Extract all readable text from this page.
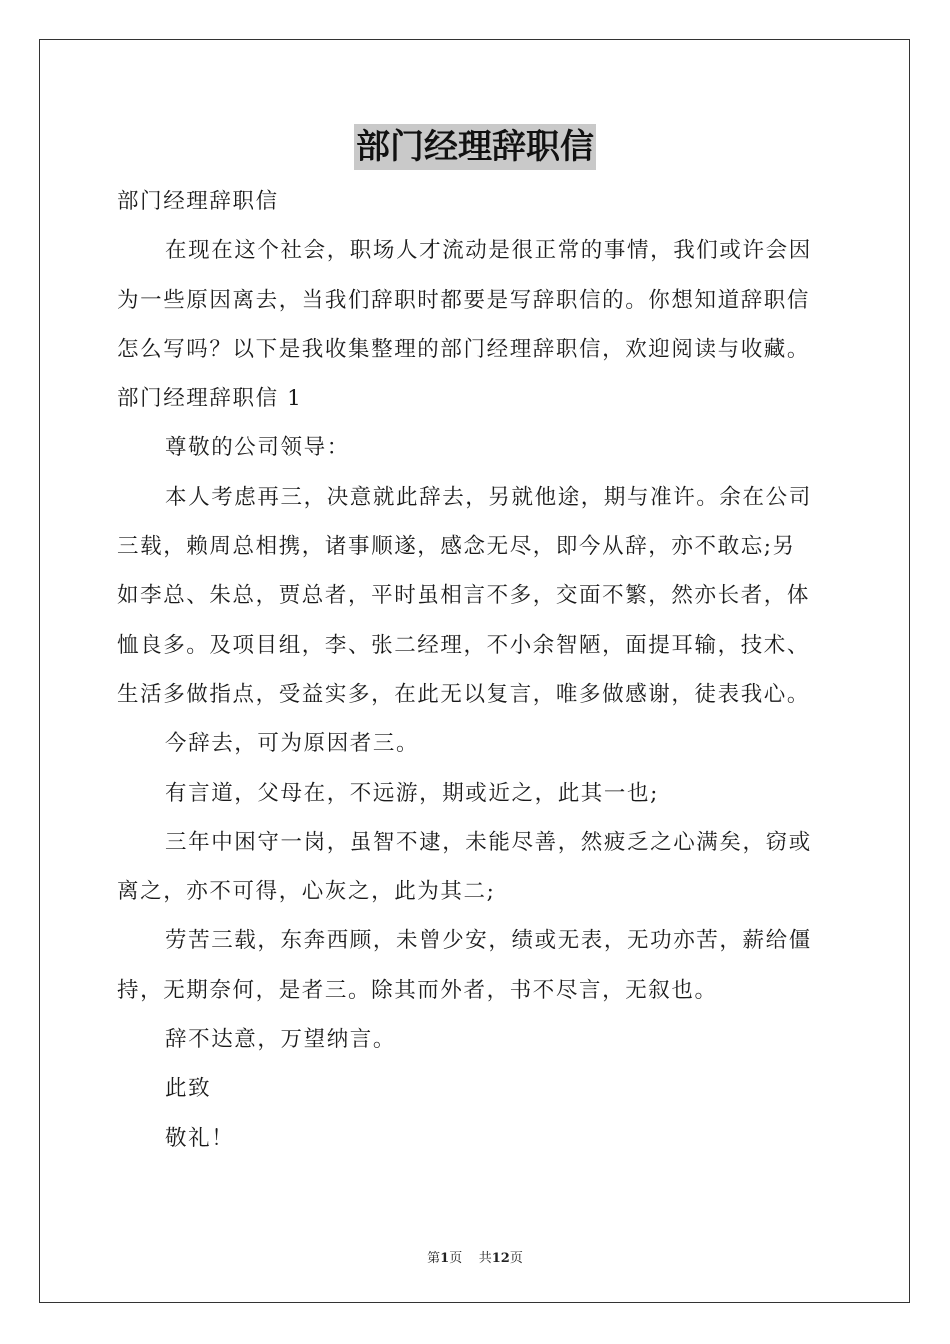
部门经理辞职信
部门经理辞职信
在现在这个社会，职场人才流动是很正常的事情，我们或许会因
为一些原因离去，当我们辞职时都要是写辞职信的。你想知道辞职信
怎么写吗？以下是我收集整理的部门经理辞职信，欢迎阅读与收藏。
部门经理辞职信 1
尊敬的公司领导：
本人考虑再三，决意就此辞去，另就他途，期与准许。余在公司
三载，赖周总相携，诸事顺遂，感念无尽，即今从辞，亦不敢忘;另
如李总、朱总，贾总者，平时虽相言不多，交面不繁，然亦长者，体
恤良多。及项目组，李、张二经理，不小余智陋，面提耳输，技术、
生活多做指点，受益实多，在此无以复言，唯多做感谢，徒表我心。
今辞去，可为原因者三。
有言道，父母在，不远游，期或近之，此其一也;
三年中困守一岗，虽智不逮，未能尽善，然疲乏之心满矣，窃或
离之，亦不可得，心灰之，此为其二;
劳苦三载，东奔西顾，未曾少安，绩或无表，无功亦苦，薪给僵
持，无期奈何，是者三。除其而外者，书不尽言，无叙也。
辞不达意，万望纳言。
此致
敬礼！
第1页 共12页
